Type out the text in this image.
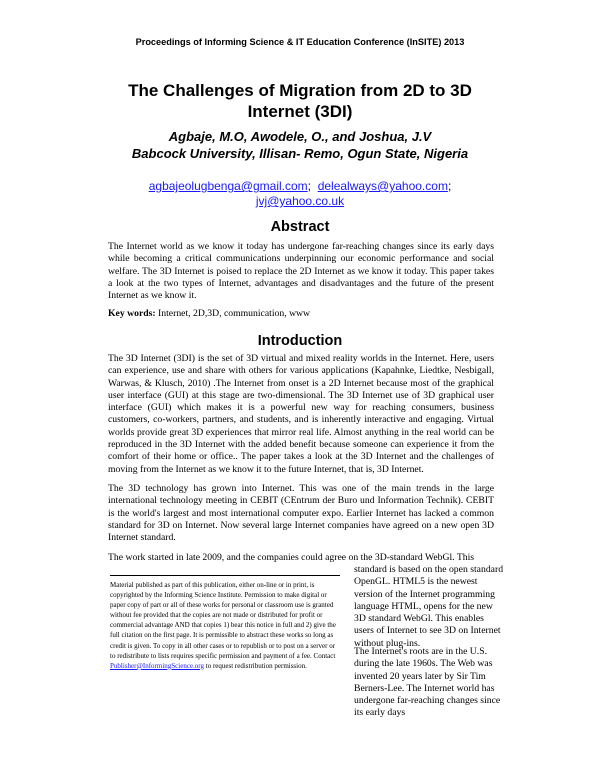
Proceedings of Informing Science & IT Education Conference (InSITE) 2013
The Challenges of Migration from 2D to 3D Internet (3DI)
Agbaje, M.O, Awodele, O., and Joshua, J.V
Babcock University, Illisan- Remo, Ogun State, Nigeria
agbajeolugbenga@gmail.com; delealways@yahoo.com;
jvj@yahoo.co.uk
Abstract

The Internet world as we know it today has undergone far-reaching changes since its early days while becoming a critical communications underpinning our economic performance and social welfare. The 3D Internet is poised to replace the 2D Internet as we know it today. This paper takes a look at the two types of Internet, advantages and disadvantages and the future of the present Internet as we know it.

Key words: Internet, 2D,3D, communication, www

Introduction

The 3D Internet (3DI) is the set of 3D virtual and mixed reality worlds in the Internet. Here, users can experience, use and share with others for various applications (Kapahnke, Liedtke, Nesbigall, Warwas, & Klusch, 2010) .The Internet from onset is a 2D Internet because most of the graphical user interface (GUI) at this stage are two-dimensional. The 3D Internet use of 3D graphical user interface (GUI) which makes it is a powerful new way for reaching consumers, business customers, co-workers, partners, and students, and is inherently interactive and engaging. Virtual worlds provide great 3D experiences that mirror real life. Almost anything in the real world can be reproduced in the 3D Internet with the added benefit because someone can experience it from the comfort of their home or office.. The paper takes a look at the 3D Internet and the challenges of moving from the Internet as we know it to the future Internet, that is, 3D Internet.

The 3D technology has grown into Internet. This was one of the main trends in the large international technology meeting in CEBIT (CEntrum der Buro und Information Technik). CEBIT is the world's largest and most international computer expo. Earlier Internet has lacked a common standard for 3D on Internet. Now several large Internet companies have agreed on a new open 3D Internet standard.

The work started in late 2009, and the companies could agree on the 3D-standard WebGl. This

standard is based on the open standard OpenGL. HTML5 is the newest version of the Internet programming language HTML, opens for the new 3D standard WebGl. This enables users of Internet to see 3D on Internet without plug-ins.

The Internet's roots are in the U.S. during the late 1960s. The Web was invented 20 years later by Sir Tim Berners-Lee. The Internet world has undergone far-reaching changes since its early days

Material published as part of this publication, either on-line or in print, is copyrighted by the Informing Science Institute. Permission to make digital or paper copy of part or all of these works for personal or classroom use is granted without fee provided that the copies are not made or distributed for profit or commercial advantage AND that copies 1) bear this notice in full and 2) give the full citation on the first page. It is permissible to abstract these works so long as credit is given. To copy in all other cases or to republish or to post on a server or to redistribute to lists requires specific permission and payment of a fee. Contact Publisher@InformingScience.org to request redistribution permission.
